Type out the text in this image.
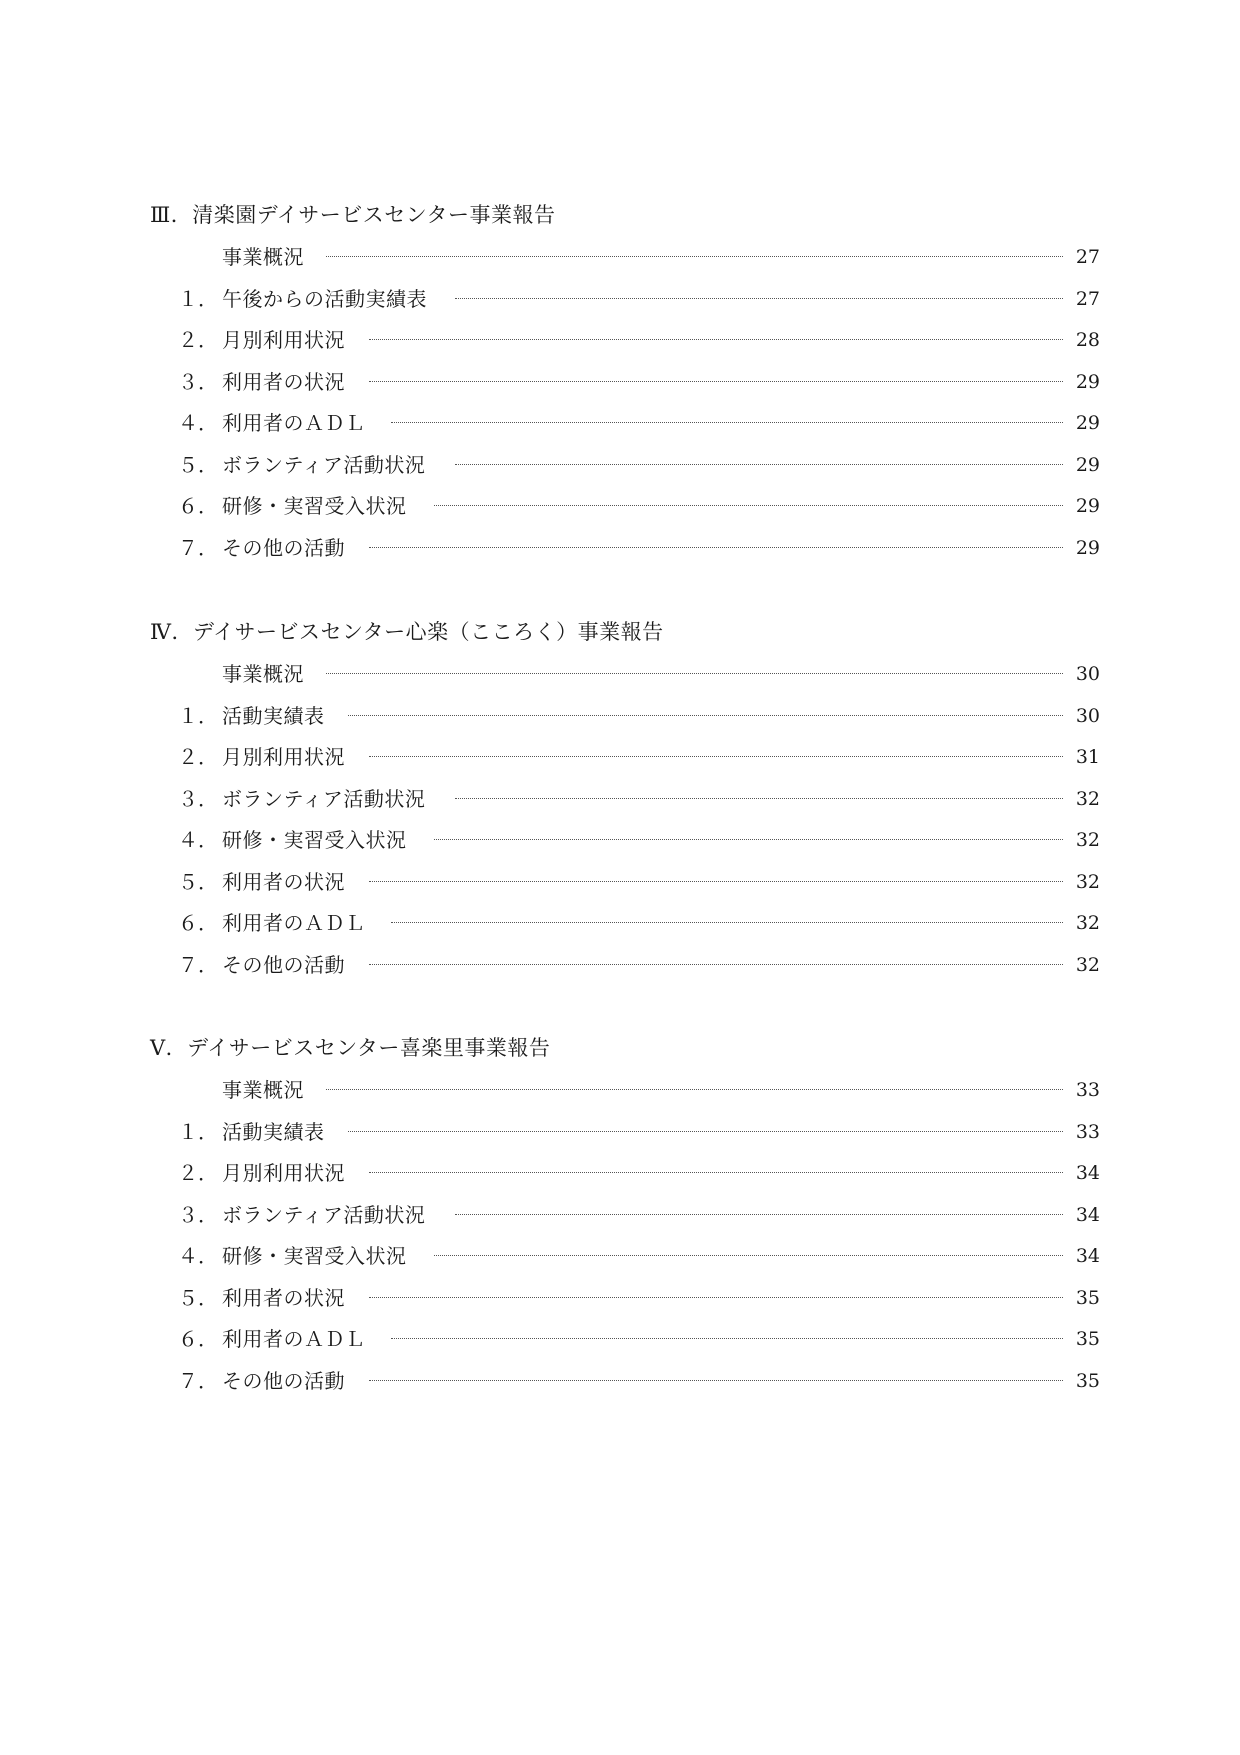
Ⅲ．清楽園デイサービスセンター事業報告
事業概況	27
１． 午後からの活動実績表	27
２． 月別利用状況	28
３． 利用者の状況	29
４． 利用者のＡＤＬ	29
５． ボランティア活動状況	29
６． 研修・実習受入状況	29
７． その他の活動	29
Ⅳ．デイサービスセンター心楽（こころく）事業報告
事業概況	30
１． 活動実績表	30
２． 月別利用状況	31
３． ボランティア活動状況	32
４． 研修・実習受入状況	32
５． 利用者の状況	32
６． 利用者のＡＤＬ	32
７． その他の活動	32
Ⅴ．デイサービスセンター喜楽里事業報告
事業概況	33
１． 活動実績表	33
２． 月別利用状況	34
３． ボランティア活動状況	34
４． 研修・実習受入状況	34
５． 利用者の状況	35
６． 利用者のＡＤＬ	35
７． その他の活動	35
